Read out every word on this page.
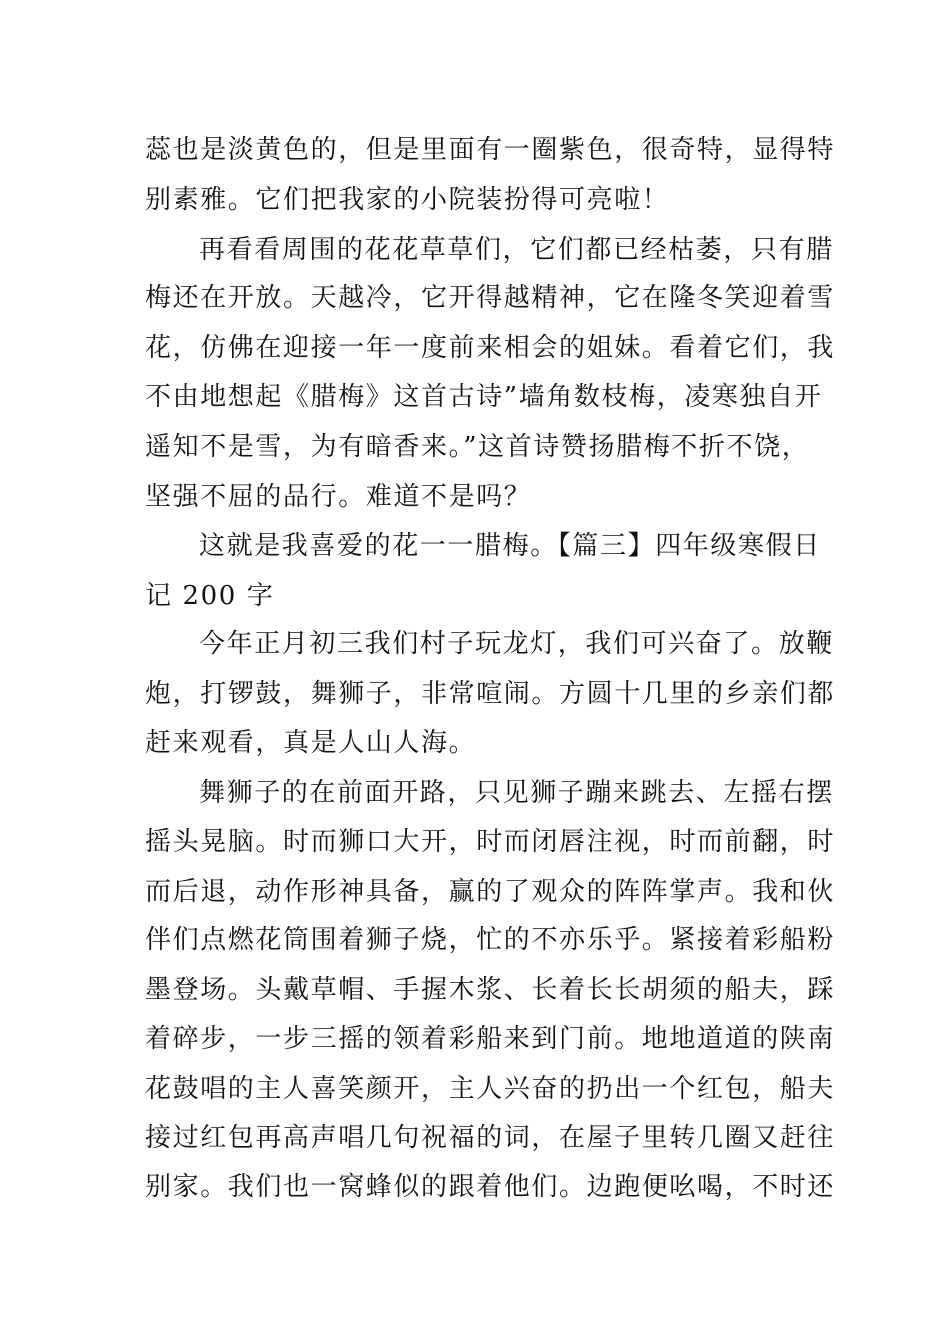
蕊也是淡黄色的，但是里面有一圈紫色，很奇特，显得特
别素雅。它们把我家的小院装扮得可亮啦！
再看看周围的花花草草们，它们都已经枯萎，只有腊
梅还在开放。天越冷，它开得越精神，它在隆冬笑迎着雪
花，仿佛在迎接一年一度前来相会的姐妹。看着它们，我
不由地想起《腊梅》这首古诗”墙角数枝梅，凌寒独自开
遥知不是雪，为有暗香来。”这首诗赞扬腊梅不折不饶，
坚强不屈的品行。难道不是吗？
这就是我喜爱的花一一腊梅。【篇三】四年级寒假日
记 200 字
今年正月初三我们村子玩龙灯，我们可兴奋了。放鞭
炮，打锣鼓，舞狮子，非常喧闹。方圆十几里的乡亲们都
赶来观看，真是人山人海。
舞狮子的在前面开路，只见狮子蹦来跳去、左摇右摆
摇头晃脑。时而狮口大开，时而闭唇注视，时而前翻，时
而后退，动作形神具备，赢的了观众的阵阵掌声。我和伙
伴们点燃花筒围着狮子烧，忙的不亦乐乎。紧接着彩船粉
墨登场。头戴草帽、手握木浆、长着长长胡须的船夫，踩
着碎步，一步三摇的领着彩船来到门前。地地道道的陕南
花鼓唱的主人喜笑颜开，主人兴奋的扔出一个红包，船夫
接过红包再高声唱几句祝福的词，在屋子里转几圈又赶往
别家。我们也一窝蜂似的跟着他们。边跑便吆喝，不时还
